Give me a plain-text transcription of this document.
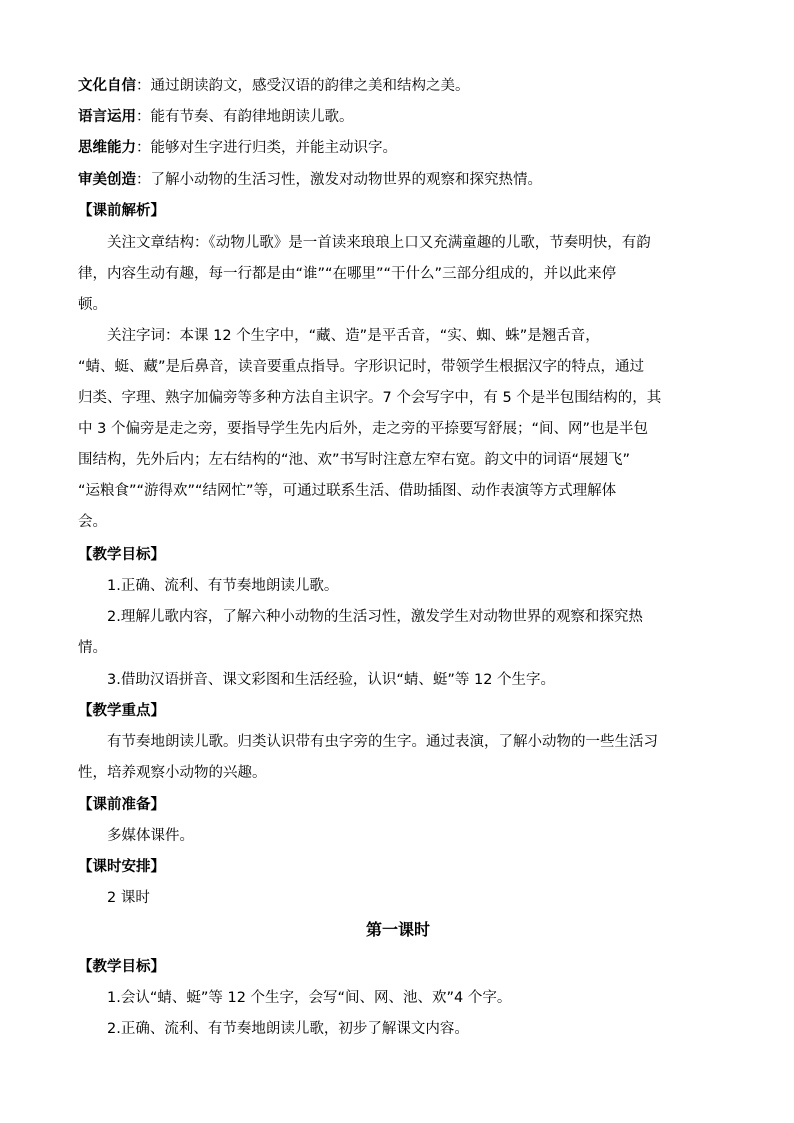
文化自信：通过朗读韵文，感受汉语的韵律之美和结构之美。
语言运用：能有节奏、有韵律地朗读儿歌。
思维能力：能够对生字进行归类，并能主动识字。
审美创造：了解小动物的生活习性，激发对动物世界的观察和探究热情。
【课前解析】
关注文章结构：《动物儿歌》是一首读来琅琅上口又充满童趣的儿歌，节奏明快，有韵
律，内容生动有趣，每一行都是由“谁”“在哪里”“干什么”三部分组成的，并以此来停
顿。
关注字词：本课 12 个生字中，“藏、造”是平舌音，“实、蜘、蛛”是翘舌音，
“蜻、蜓、藏”是后鼻音，读音要重点指导。字形识记时，带领学生根据汉字的特点，通过
归类、字理、熟字加偏旁等多种方法自主识字。7 个会写字中，有 5 个是半包围结构的，其
中 3 个偏旁是走之旁，要指导学生先内后外，走之旁的平捺要写舒展；“间、网”也是半包
围结构，先外后内；左右结构的“池、欢”书写时注意左窄右宽。韵文中的词语“展翅飞”
“运粮食”“游得欢”“结网忙”等，可通过联系生活、借助插图、动作表演等方式理解体
会。
【教学目标】
1.正确、流利、有节奏地朗读儿歌。
2.理解儿歌内容，了解六种小动物的生活习性，激发学生对动物世界的观察和探究热
情。
3.借助汉语拼音、课文彩图和生活经验，认识“蜻、蜓”等 12 个生字。
【教学重点】
有节奏地朗读儿歌。归类认识带有虫字旁的生字。通过表演，了解小动物的一些生活习
性，培养观察小动物的兴趣。
【课前准备】
多媒体课件。
【课时安排】
2 课时
第一课时
【教学目标】
1.会认“蜻、蜓”等 12 个生字，会写“间、网、池、欢”4 个字。
2.正确、流利、有节奏地朗读儿歌，初步了解课文内容。
